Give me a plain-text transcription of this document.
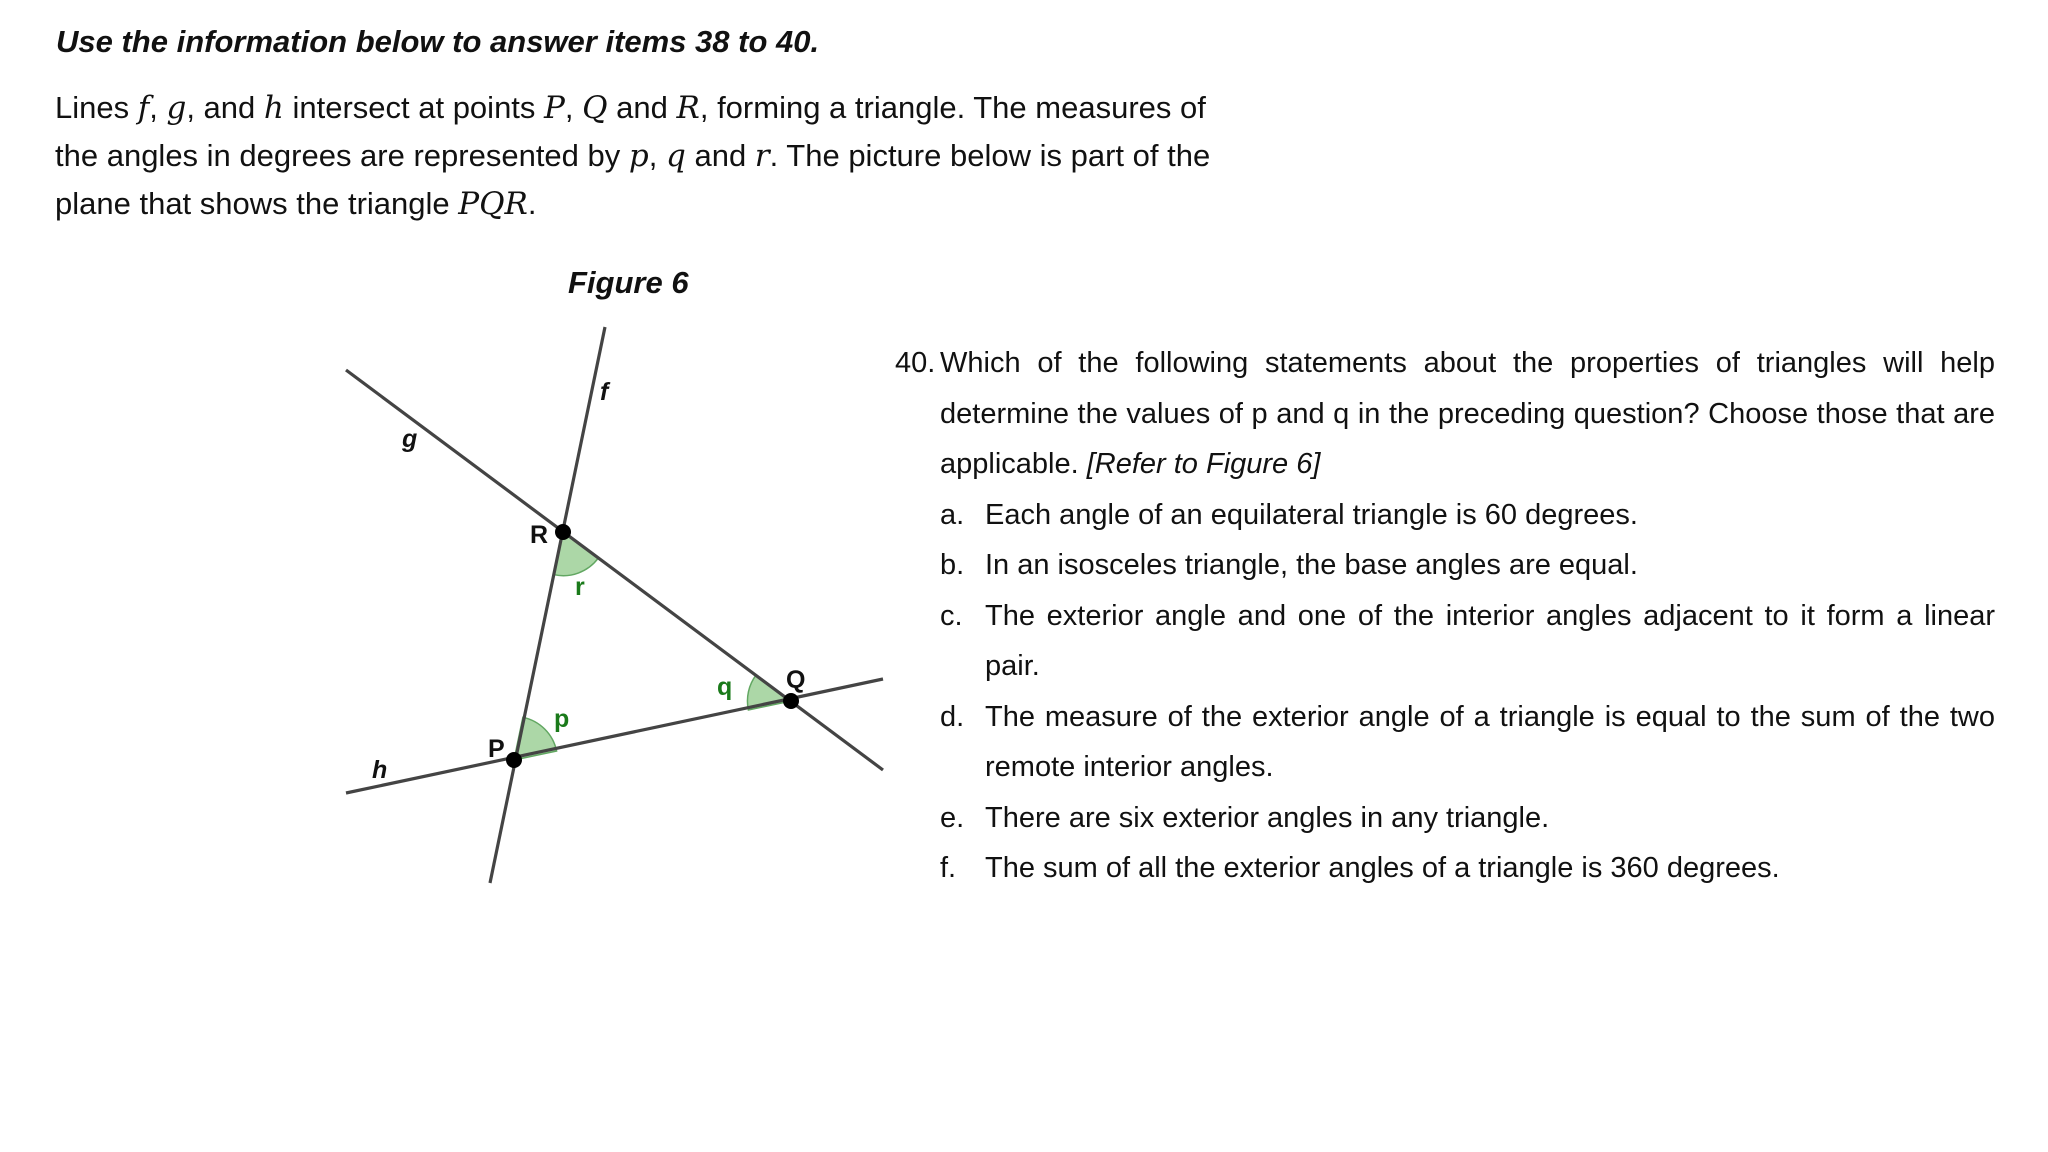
Use the information below to answer items 38 to 40.

Lines f, g, and h intersect at points P, Q and R, forming a triangle. The measures of

the angles in degrees are represented by p, q and r. The picture below is part of the

plane that shows the triangle PQR.

Figure 6

f
g
h
R
Q
P
r
q
p
40. Which of the following statements about the properties of triangles will help determine the values of p and q in the preceding question? Choose those that are applicable. [Refer to Figure 6]
a. Each angle of an equilateral triangle is 60 degrees.
b. In an isosceles triangle, the base angles are equal.
c. The exterior angle and one of the interior angles adjacent to it form a linear pair.
d. The measure of the exterior angle of a triangle is equal to the sum of the two remote interior angles.
e. There are six exterior angles in any triangle.
f. The sum of all the exterior angles of a triangle is 360 degrees.
